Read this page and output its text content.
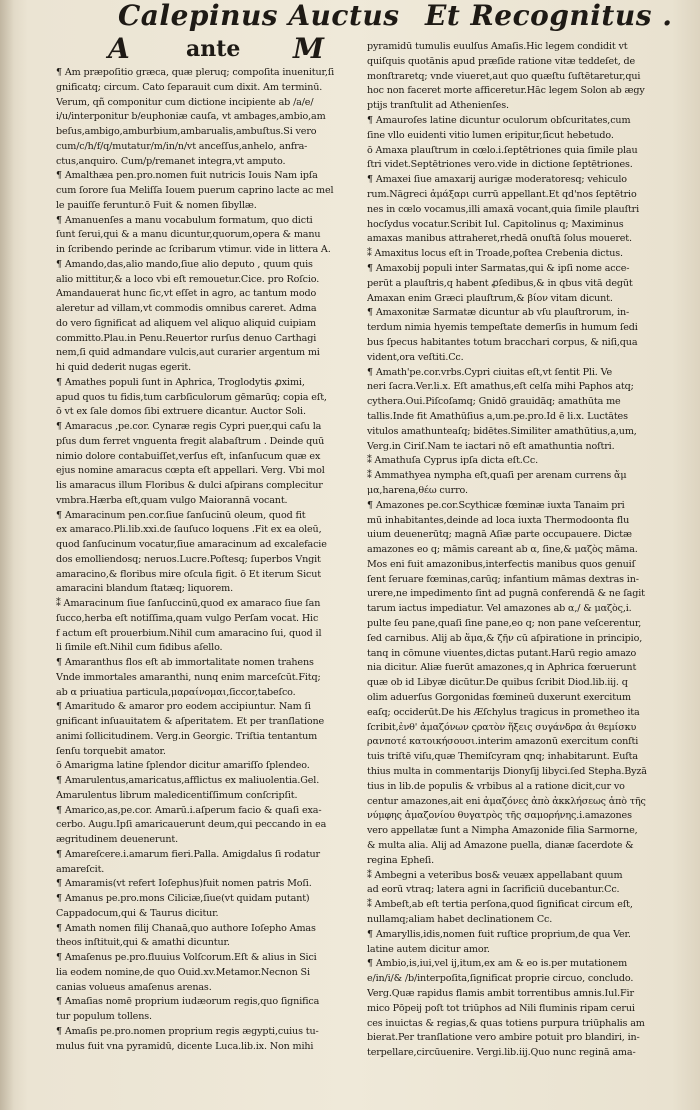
Calepinus Auctus Et Recognitus .
A	ante M
¶ Am præpoſitio græca, quæ pleruq; compoſita inuenitur,ſi
gnificatq; circum. Cato ſeparauit cum dixit. Am terminū.
Verum, qñ componitur cum dictione incipiente ab /a/e/
i/u/interponitur b/euphoniæ cauſa, vt ambages,ambio,am
beſus,ambigo,amburbium,ambarualis,ambuſtus.Si vero
cum/c/h/f/q/mutatur/m/in/n/vt anceſſus,anhelo, anfra-
ctus,anquiro. Cum/p/remanet integra,vt amputo.
¶ Amalthæa pen.pro.nomen fuit nutricis Iouis Nam ipſa
cum ſorore ſua Meliſſa Iouem puerum caprino lacte ac mel
le pauiſſe feruntur.ō Fuit & nomen ſibyllæ.
¶ Amanuenſes a manu vocabulum formatum, quo dicti
ſunt ſerui,qui & a manu dicuntur,quorum,opera & manu
in ſcribendo perinde ac ſcribarum vtimur. vide in littera A.
¶ Amando,das,alio mando,ſiue alio deputo , quum quis
alio mittitur,& a loco vbi eſt remouetur.Cice. pro Roſcio.
Amandauerat hunc ſic,vt eſſet in agro, ac tantum modo
aleretur ad villam,vt commodis omnibus careret. Adma
do vero ſignificat ad aliquem vel aliquo aliquid cuipiam
committo.Plau.in Penu.Reuertor rurſus denuo Carthagi
nem,ſi quid admandare vulcis,aut curarier argentum mi
hi quid dederit nugas egerit.
¶ Amathes populi ſunt in Aphrica, Troglodytis ꝓximi,
apud quos tu fidis,tum carbſiculorum gēmarūq; copia eſt,
ō vt ex ſale domos ſibi extruere dicantur. Auctor Soli.
¶ Amaracus ,pe.cor. Cynaræ regis Cypri puer,qui caſu la
pſus dum ferret vnguenta fregit alabaſtrum . Deinde quū
nimio dolore contabuiſſet,verſus eſt, inſanſucum quæ ex
ejus nomine amaracus cœpta eſt appellari. Verg. Vbi mol
lis amaracus illum Floribus & dulci aſpirans complecitur
vmbra.Hærba eſt,quam vulgo Maiorannā vocant.
¶ Amaracinum pen.cor.ſiue ſanſucinū oleum, quod fit
ex amaraco.Pli.lib.xxi.de ſauſuco loquens .Fit ex ea oleū,
quod ſanſucinum vocatur,ſiue amaracinum ad excalefacie
dos emolliendosq; neruos.Lucre.Poſtesq; ſuperbos Vngit
amaracino,& floribus mire oſcula figit. ō Et iterum Sicut
amaracini blandum ſtatæq; liquorem.
⁑ Amaracinum ſiue ſanſuccinū,quod ex amaraco ſiue ſan
ſucco,herba eſt notiſſima,quam vulgo Perſam vocat. Hic
f actum eſt prouerbium.Nihil cum amaracino ſui, quod il
li ſimile eſt.Nihil cum fidibus aſello.
¶ Amaranthus flos eſt ab immortalitate nomen trahens
Vnde immortales amaranthi, nunq enim marceſcūt.Fitq;
ab α priuatiua particula,μαραίνομαι,ſiccor,tabeſco.
¶ Amaritudo & amaror pro eodem accipiuntur. Nam ſi
gnificant inſuauitatem & aſperitatem. Et per tranſlatione
animi ſollicitudinem. Verg.in Georgic. Triſtia tentantum
ſenſu torquebit amator.
ō Amarigma latine ſplendor dicitur amariſſo ſplendeo.
¶ Amarulentus,amaricatus,afflictus ex maliuolentia.Gel.
Amarulentus librum maledicentiſſimum conſcripſit.
¶ Amarico,as,pe.cor. Amarū.i.aſperum facio & quaſi exa-
cerbo. Augu.Ipſi amaricauerunt deum,qui peccando in ea
ægritudinem deuenerunt.
¶ Amareſcere.i.amarum fieri.Palla. Amigdalus ſi rodatur
amareſcit.
¶ Amaramis(vt refert Ioſephus)fuit nomen patris Moſi.
¶ Amanus pe.pro.mons Ciliciæ,ſiue(vt quidam putant)
Cappadocum,qui & Taurus dicitur.
¶ Amath nomen filij Chanaā,quo authore Ioſepho Amas
theos inſtituit,qui & amathi dicuntur.
¶ Amaſenus pe.pro.fluuius Volſcorum.Eſt & alius in Sici
lia eodem nomine,de quo Ouid.xv.Metamor.Necnon Si
canias volueus amaſenus arenas.
¶ Amaſias nomē proprium iudæorum regis,quo ſignifica
tur populum tollens.
¶ Amaſis pe.pro.nomen proprium regis ægypti,cuius tu-
mulus fuit vna pyramidū, dicente Luca.lib.ix. Non mihi
pyramidū tumulis euulſus Amaſis.Hic legem condidit vt
quiſquis quotānis apud præſide ratione vitæ teddeſet, de
monſtraretq; vnde viueret,aut quo quæſtu ſuſtētaretur,qui
hoc non faceret morte afficeretur.Hāc legem Solon ab ægy
ptijs tranſtulit ad Athenienſes.
¶ Amauroſes latine dicuntur oculorum obſcuritates,cum
ſine vllo euidenti vitio lumen eripitur,ſicut hebetudo.
ō Amaxa plauſtrum in cœlo.i.ſeptētriones quia ſimile plau
ſtri videt.Septētriones vero.vide in dictione ſeptētriones.
¶ Amaxei ſiue amaxarij aurigæ moderatoresq; vehiculo
rum.Nāgreci ἁμάξαρι currū appellant.Et qd'nos ſeptētrio
nes in cœlo vocamus,illi amaxā vocant,quia ſimile plauſtri
hocſydus vocatur.Scribit Iul. Capitolinus q; Maximinus
amaxas manibus attraheret,rhedā onuſtā ſolus moueret.
⁑ Amaxitus locus eſt in Troade,poſtea Crebenia dictus.
¶ Amaxobij populi inter Sarmatas,qui & ipſi nome acce-
perūt a plauſtris,q habent ꝓſedibus,& in qbus vitā degūt
Amaxan enim Græci plauſtrum,& βίον vitam dicunt.
¶ Amaxonitæ Sarmatæ dicuntur ab vſu plauſtrorum, in-
terdum nimia hyemis tempeſtate demerſis in humum ſedi
bus ſpecus habitantes totum bracchari corpus, & niſi,qua
vident,ora veſtiti.Cc.
¶ Amath'pe.cor.vrbs.Cypri ciuitas eſt,vt ſentit Pli. Ve
neri ſacra.Ver.li.x. Eſt amathus,eſt celſa mihi Paphos atq;
cythera.Oui.Piſcoſamq; Gnidō grauidāq; amathūta me
tallis.Inde fit Amathūſius a,um.pe.pro.Id ē li.x. Luctātes
vitulos amathunteaſq; bidētes.Similiter amathūtius,a,um,
Verg.in Ciriſ.Nam te iactari nō eſt amathuntia noſtri.
⁑ Amathuſa Cyprus ipſa dicta eſt.Cc.
⁑ Ammathyea nympha eſt,quaſi per arenam currens ἄμ
μα,harena,θέω curro.
¶ Amazones pe.cor.Scythicæ fœminæ iuxta Tanaim pri
mū inhabitantes,deinde ad loca iuxta Thermodoonta flu
uium deuenerūtq; magnā Aſiæ parte occupauere. Dictæ
amazones eo q; māmis careant ab α, ſine,& μαζὸς māma.
Mos eni fuit amazonibus,interfectis manibus quos genuiſ
ſent ſeruare fœminas,carūq; infantium māmas dextras in-
urere,ne impedimento ſint ad pugnā conferendā & ne ſagit
tarum iactus impediatur. Vel amazones ab α,/ & μαζὸς,i.
pulte ſeu pane,quaſi ſine pane,eo q; non pane veſcerentur,
ſed carnibus. Alij ab ἅμα,& ζῆν cū aſpiratione in principio,
tanq in cōmune viuentes,dictas putant.Harū regio amazo
nia dicitur. Aliæ fuerūt amazones,q in Aphrica fœruerunt
quæ ob id Libyæ dicūtur.De quibus ſcribit Diod.lib.iij. q
olim aduerſus Gorgonidas fœmineū duxerunt exercitum
eaſq; occiderūt.De his Æſchylus tragicus in prometheo ita
ſcribit,ἐνθ' ἀμαζόνων ςρατὸν ἥξεις συγάνδρα ἁι θεμίσκυ
ρανποτέ κατοικήσουσι.interim amazonū exercitum conſti
tuis triſtē viſu,quæ Themiſcyram qnq; inhabitarunt. Euſta
thius multa in commentarijs Dionyſij libyci.ſed Stepha.Byzā
tius in lib.de populis & vrbibus al a ratione dicit,cur vo
centur amazones,ait eni ἀμαζόνες ἀπὸ ἀκκλήσεως ἀπὸ τῆς
νύμφης ἀμαζονίου θυγατρὸς τῆς σαμορήνης.i.amazones
vero appellatæ ſunt a Nimpha Amazonide filia Sarmorne,
& multa alia. Alij ad Amazone puella, dianæ ſacerdote &
regina Epheſi.
⁑ Ambegni a veteribus bos& veuæx appellabant quum
ad eorū vtraq; latera agni in ſacrificiū ducebantur.Cc.
⁑ Ambeſt,ab eſt tertia perſona,quod ſignificat circum eſt,
nullamq;aliam habet declinationem Cc.
¶ Amaryllis,idis,nomen fuit ruſtice proprium,de qua Ver.
latine autem dicitur amor.
¶ Ambio,is,iui,vel ij,itum,ex am & eo is.per mutationem
e/in/i/& /b/interpoſita,ſignificat proprie circuo, concludo.
Verg.Quæ rapidus flamis ambit torrentibus amnis.Iul.Fir
mico Pōpeij poſt tot triūphos ad Nili fluminis ripam cerui
ces inuictas & regias,& quas totiens purpura triūphalis am
bierat.Per tranſlatione vero ambire potuit pro blandiri, in-
terpellare,circūuenire. Vergi.lib.iij.Quo nunc reginā ama-
